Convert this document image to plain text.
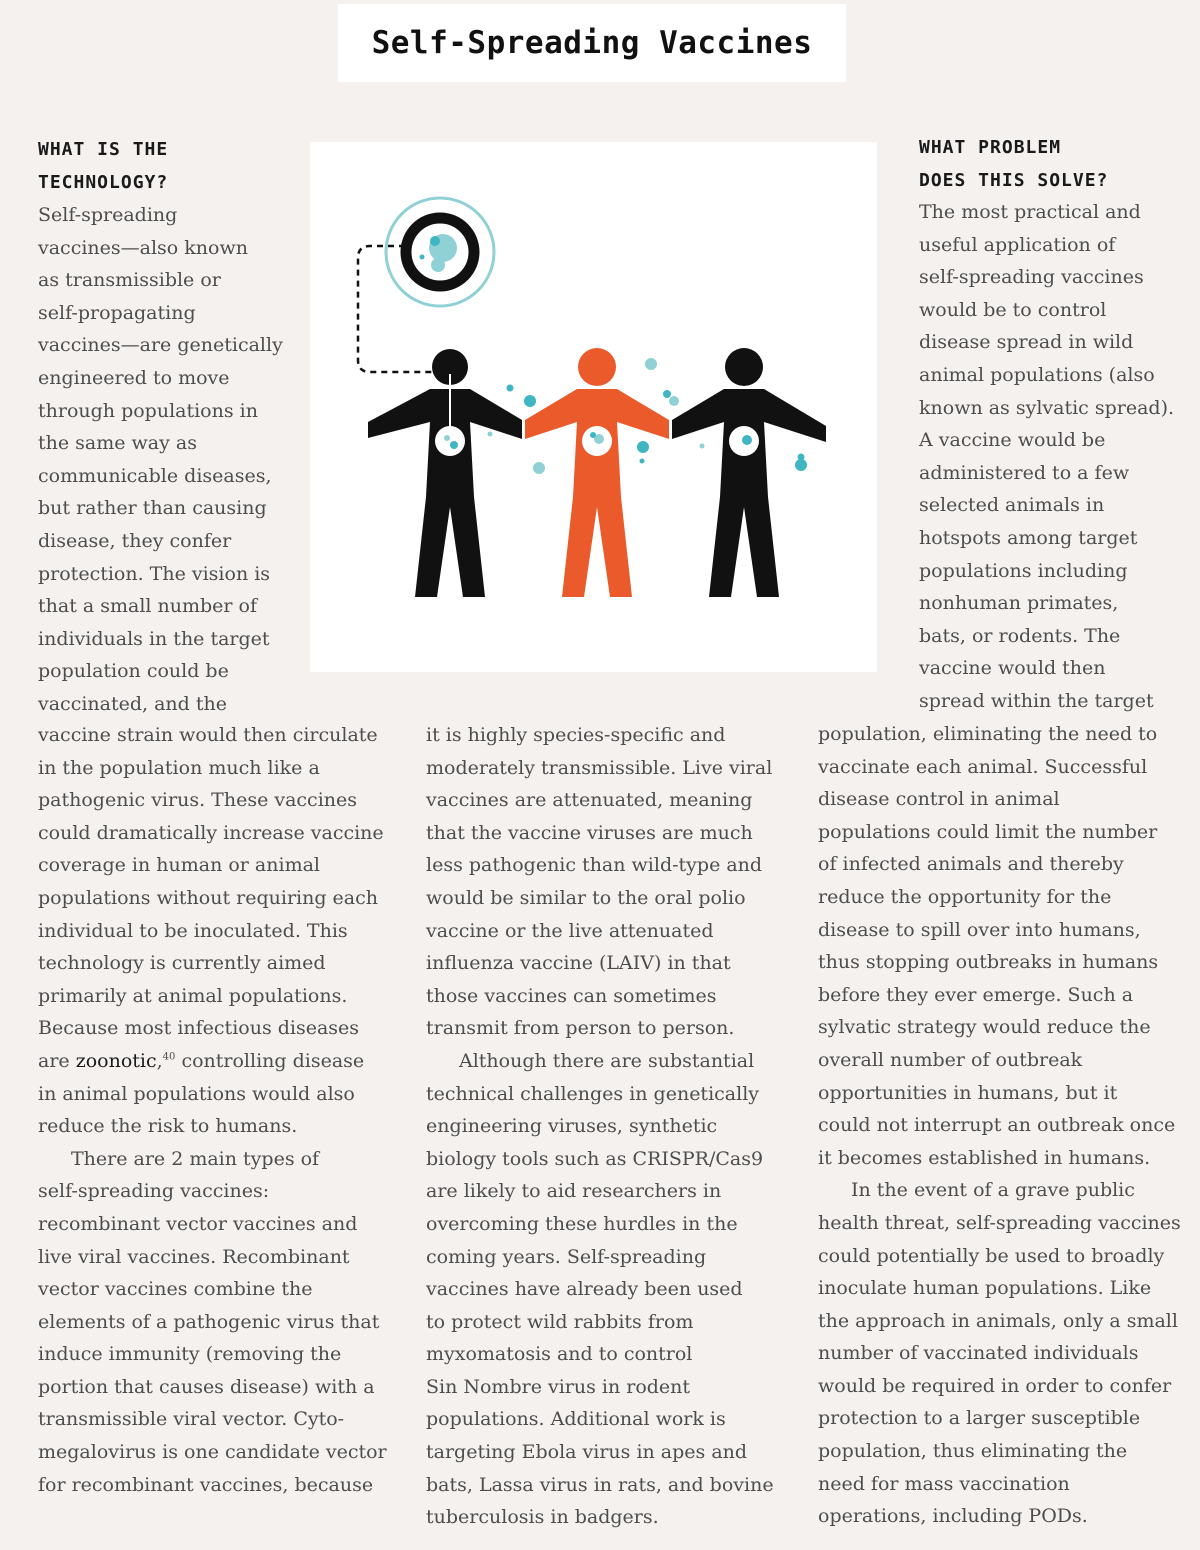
Self-Spreading Vaccines
WHAT IS THE
TECHNOLOGY?
WHAT PROBLEM
DOES THIS SOLVE?
Self-spreading
vaccines—also known
as transmissible or
self-propagating
vaccines—are genetically
engineered to move
through populations in
the same way as
communicable diseases,
but rather than causing
disease, they confer
protection. The vision is
that a small number of
individuals in the target
population could be
vaccinated, and the
vaccine strain would then circulate
in the population much like a
pathogenic virus. These vaccines
could dramatically increase vaccine
coverage in human or animal
populations without requiring each
individual to be inoculated. This
technology is currently aimed
primarily at animal populations.
Because most infectious diseases
are zoonotic,$^{40}$ controlling disease
in animal populations would also
reduce the risk to humans.
There are 2 main types of
self-spreading vaccines:
recombinant vector vaccines and
live viral vaccines. Recombinant
vector vaccines combine the
elements of a pathogenic virus that
induce immunity (removing the
portion that causes disease) with a
transmissible viral vector. Cyto-
megalovirus is one candidate vector
for recombinant vaccines, because
it is highly species-specific and
moderately transmissible. Live viral
vaccines are attenuated, meaning
that the vaccine viruses are much
less pathogenic than wild-type and
would be similar to the oral polio
vaccine or the live attenuated
influenza vaccine (LAIV) in that
those vaccines can sometimes
transmit from person to person.
Although there are substantial
technical challenges in genetically
engineering viruses, synthetic
biology tools such as CRISPR/Cas9
are likely to aid researchers in
overcoming these hurdles in the
coming years. Self-spreading
vaccines have already been used
to protect wild rabbits from
myxomatosis and to control
Sin Nombre virus in rodent
populations. Additional work is
targeting Ebola virus in apes and
bats, Lassa virus in rats, and bovine
tuberculosis in badgers.
The most practical and
useful application of
self-spreading vaccines
would be to control
disease spread in wild
animal populations (also
known as sylvatic spread).
A vaccine would be
administered to a few
selected animals in
hotspots among target
populations including
nonhuman primates,
bats, or rodents. The
vaccine would then
spread within the target
population, eliminating the need to
vaccinate each animal. Successful
disease control in animal
populations could limit the number
of infected animals and thereby
reduce the opportunity for the
disease to spill over into humans,
thus stopping outbreaks in humans
before they ever emerge. Such a
sylvatic strategy would reduce the
overall number of outbreak
opportunities in humans, but it
could not interrupt an outbreak once
it becomes established in humans.
In the event of a grave public
health threat, self-spreading vaccines
could potentially be used to broadly
inoculate human populations. Like
the approach in animals, only a small
number of vaccinated individuals
would be required in order to confer
protection to a larger susceptible
population, thus eliminating the
need for mass vaccination
operations, including PODs.
